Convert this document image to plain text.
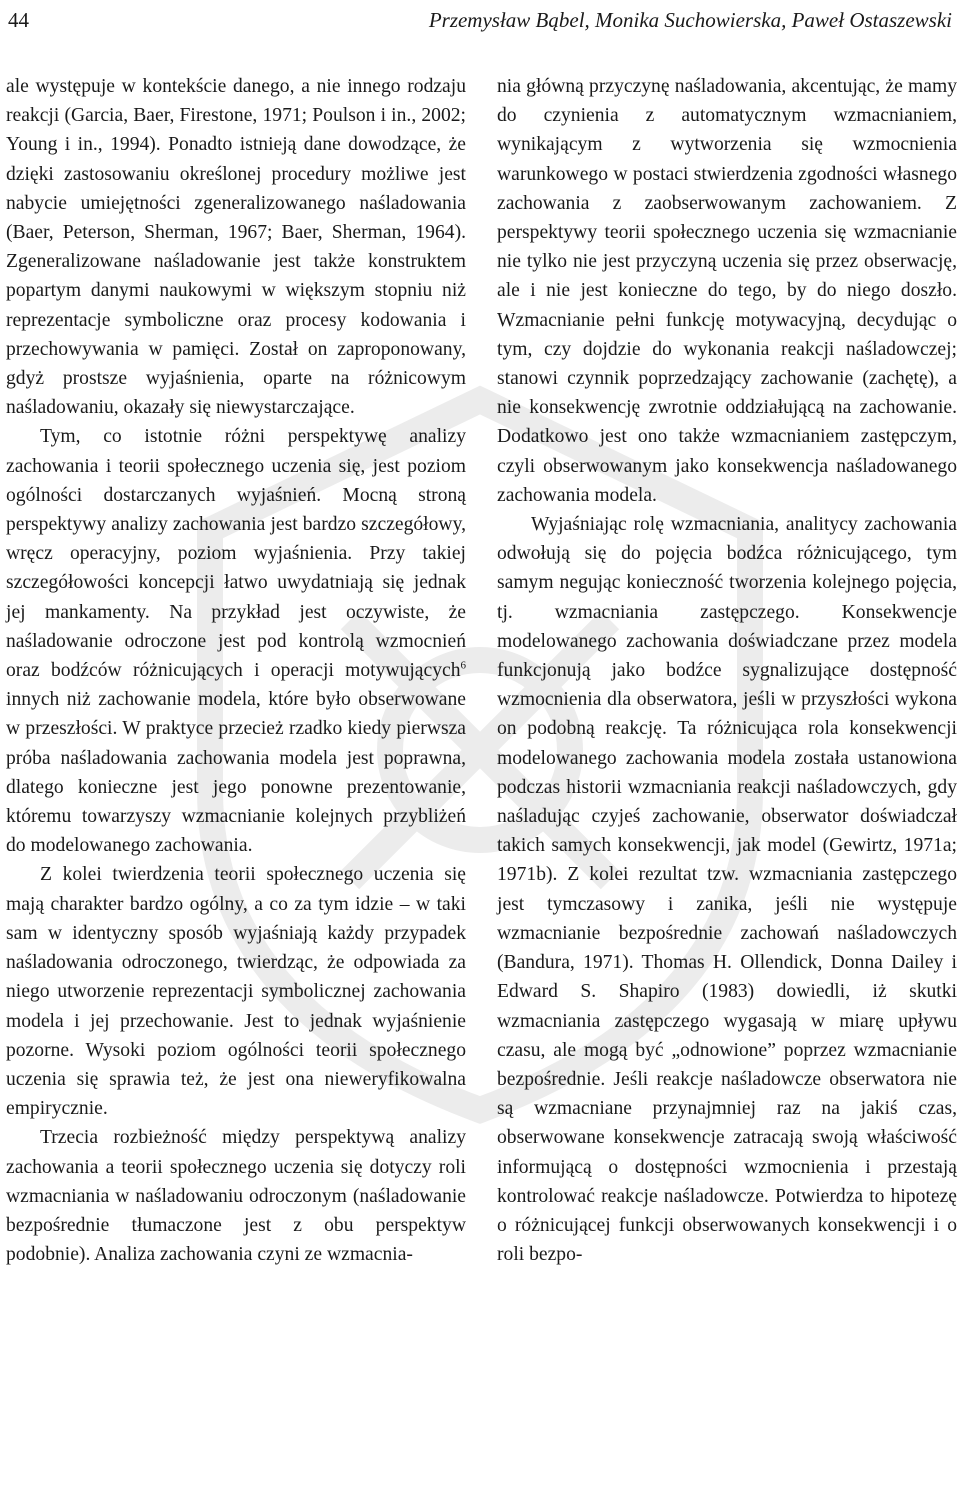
44	Przemysław Bąbel, Monika Suchowierska, Paweł Ostaszewski

ale występuje w kontekście danego, a nie innego rodzaju reakcji (Garcia, Baer, Firestone, 1971; Poulson i in., 2002; Young i in., 1994). Ponadto istnieją dane dowodzące, że dzięki zastosowaniu określonej procedury możliwe jest nabycie umiejętności zgeneralizowanego naśladowania (Baer, Peterson, Sherman, 1967; Baer, Sherman, 1964). Zgeneralizowane naśladowanie jest także konstruktem popartym danymi naukowymi w większym stopniu niż reprezentacje symboliczne oraz procesy kodowania i przechowywania w pamięci. Został on zaproponowany, gdyż prostsze wyjaśnienia, oparte na różnicowym naśladowaniu, okazały się niewystarczające.

Tym, co istotnie różni perspektywę analizy zachowania i teorii społecznego uczenia się, jest poziom ogólności dostarczanych wyjaśnień. Mocną stroną perspektywy analizy zachowania jest bardzo szczegółowy, wręcz operacyjny, poziom wyjaśnienia. Przy takiej szczegółowości koncepcji łatwo uwydatniają się jednak jej mankamenty. Na przykład jest oczywiste, że naśladowanie odroczone jest pod kontrolą wzmocnień oraz bodźców różnicujących i operacji motywujących$^6$ innych niż zachowanie modela, które było obserwowane w przeszłości. W praktyce przecież rzadko kiedy pierwsza próba naśladowania zachowania modela jest poprawna, dlatego konieczne jest jego ponowne prezentowanie, któremu towarzyszy wzmacnianie kolejnych przybliżeń do modelowanego zachowania.

Z kolei twierdzenia teorii społecznego uczenia się mają charakter bardzo ogólny, a co za tym idzie – w taki sam w identyczny sposób wyjaśniają każdy przypadek naśladowania odroczonego, twierdząc, że odpowiada za niego utworzenie reprezentacji symbolicznej zachowania modela i jej przechowanie. Jest to jednak wyjaśnienie pozorne. Wysoki poziom ogólności teorii społecznego uczenia się sprawia też, że jest ona nieweryfikowalna empirycznie.

Trzecia rozbieżność między perspektywą analizy zachowania a teorii społecznego uczenia się dotyczy roli wzmacniania w naśladowaniu odroczonym (naśladowanie bezpośrednie tłumaczone jest z obu perspektyw podobnie). Analiza zachowania czyni ze wzmacnia-

nia główną przyczynę naśladowania, akcentując, że mamy do czynienia z automatycznym wzmacnianiem, wynikającym z wytworzenia się wzmocnienia warunkowego w postaci stwierdzenia zgodności własnego zachowania z zaobserwowanym zachowaniem. Z perspektywy teorii społecznego uczenia się wzmacnianie nie tylko nie jest przyczyną uczenia się przez obserwację, ale i nie jest konieczne do tego, by do niego doszło. Wzmacnianie pełni funkcję motywacyjną, decydując o tym, czy dojdzie do wykonania reakcji naśladowczej; stanowi czynnik poprzedzający zachowanie (zachętę), a nie konsekwencję zwrotnie oddziałującą na zachowanie. Dodatkowo jest ono także wzmacnianiem zastępczym, czyli obserwowanym jako konsekwencja naśladowanego zachowania modela.

Wyjaśniając rolę wzmacniania, analitycy zachowania odwołują się do pojęcia bodźca różnicującego, tym samym negując konieczność tworzenia kolejnego pojęcia, tj. wzmacniania zastępczego. Konsekwencje modelowanego zachowania doświadczane przez modela funkcjonują jako bodźce sygnalizujące dostępność wzmocnienia dla obserwatora, jeśli w przyszłości wykona on podobną reakcję. Ta różnicująca rola konsekwencji modelowanego zachowania modela została ustanowiona podczas historii wzmacniania reakcji naśladowczych, gdy naśladując czyjeś zachowanie, obserwator doświadczał takich samych konsekwencji, jak model (Gewirtz, 1971a; 1971b). Z kolei rezultat tzw. wzmacniania zastępczego jest tymczasowy i zanika, jeśli nie występuje wzmacnianie bezpośrednie zachowań naśladowczych (Bandura, 1971). Thomas H. Ollendick, Donna Dailey i Edward S. Shapiro (1983) dowiedli, iż skutki wzmacniania zastępczego wygasają w miarę upływu czasu, ale mogą być „odnowione” poprzez wzmacnianie bezpośrednie. Jeśli reakcje naśladowcze obserwatora nie są wzmacniane przynajmniej raz na jakiś czas, obserwowane konsekwencje zatracają swoją właściwość informującą o dostępności wzmocnienia i przestają kontrolować reakcje naśladowcze. Potwierdza to hipotezę o różnicującej funkcji obserwowanych konsekwencji i o roli bezpo-
